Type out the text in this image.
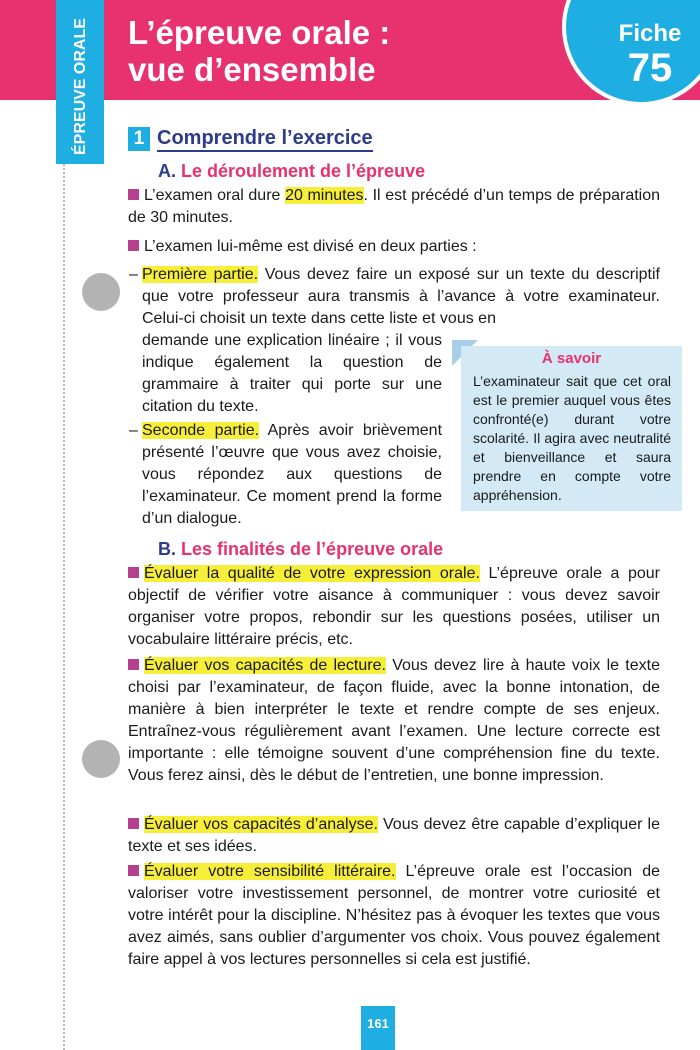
L’épreuve orale :
vue d’ensemble
Fiche
75
ÉPREUVE ORALE	1 Comprendre l’exercice
A. Le déroulement de l’épreuve
L’examen oral dure 20 minutes. Il est précédé d’un temps de préparation de 30 minutes.
L’examen lui-même est divisé en deux parties :
– Première partie. Vous devez faire un exposé sur un texte du descriptif que votre professeur aura transmis à l’avance à votre examinateur. Celui-ci choisit un texte dans cette liste et vous en
demande une explication linéaire ; il vous indique également la question de grammaire à traiter qui porte sur une citation du texte.
– Seconde partie. Après avoir brièvement présenté l’œuvre que vous avez choisie, vous répondez aux questions de l’examinateur. Ce moment prend la forme d’un dialogue.
À savoir
L’examinateur sait que cet oral est le premier auquel vous êtes confronté(e) durant votre scolarité. Il agira avec neutralité et bienveillance et saura prendre en compte votre appréhension.
B. Les finalités de l’épreuve orale
Évaluer la qualité de votre expression orale. L’épreuve orale a pour objectif de vérifier votre aisance à communiquer : vous devez savoir organiser votre propos, rebondir sur les questions posées, utiliser un vocabulaire littéraire précis, etc.
Évaluer vos capacités de lecture. Vous devez lire à haute voix le texte choisi par l’examinateur, de façon fluide, avec la bonne intonation, de manière à bien interpréter le texte et rendre compte de ses enjeux. Entraînez-vous régulièrement avant l’examen. Une lecture correcte est importante : elle témoigne souvent d’une compréhension fine du texte. Vous ferez ainsi, dès le début de l’entretien, une bonne impression.
Évaluer vos capacités d’analyse. Vous devez être capable d’expliquer le texte et ses idées.
Évaluer votre sensibilité littéraire. L’épreuve orale est l’occasion de valoriser votre investissement personnel, de montrer votre curiosité et votre intérêt pour la discipline. N’hésitez pas à évoquer les textes que vous avez aimés, sans oublier d’argumenter vos choix. Vous pouvez également faire appel à vos lectures personnelles si cela est justifié.
161
